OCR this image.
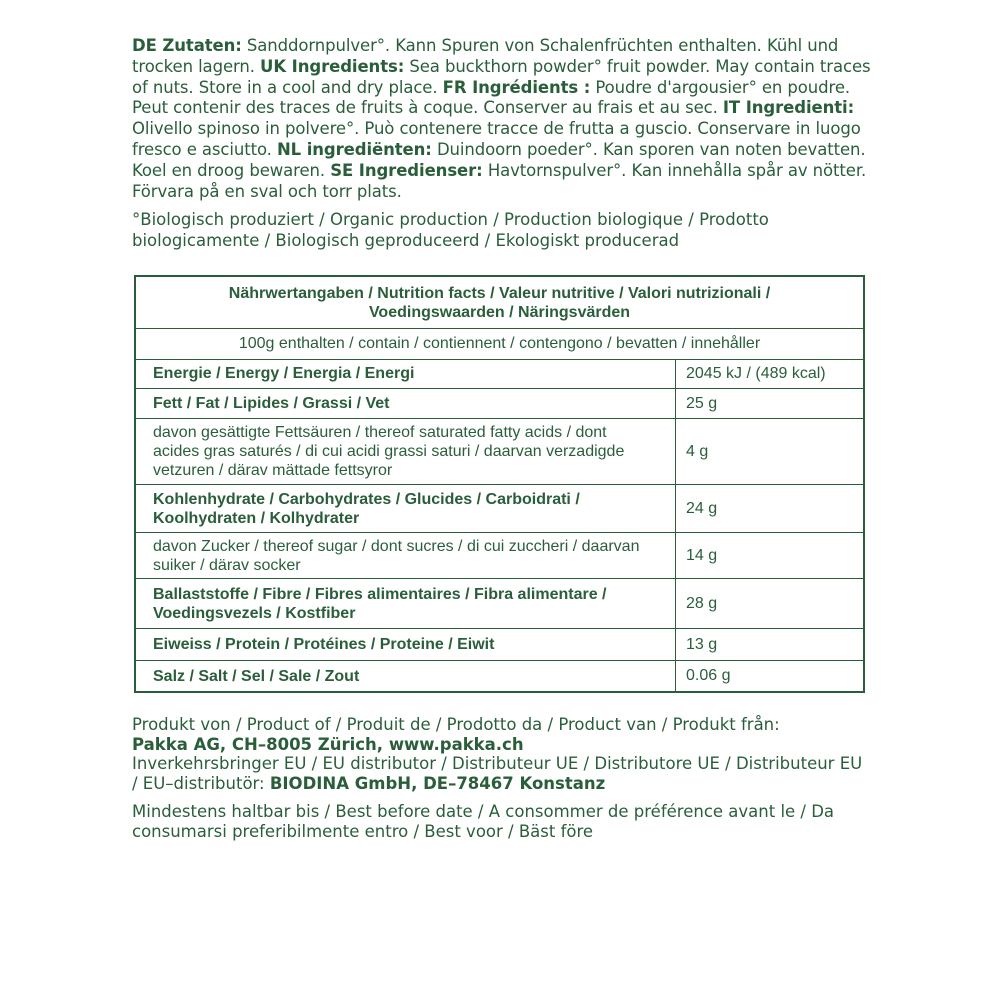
DE Zutaten: Sanddornpulver°. Kann Spuren von Schalenfrüchten enthalten. Kühl und trocken lagern. UK Ingredients: Sea buckthorn powder° fruit powder. May contain traces of nuts. Store in a cool and dry place. FR Ingrédients : Poudre d'argousier° en poudre. Peut contenir des traces de fruits à coque. Conserver au frais et au sec. IT Ingredienti: Olivello spinoso in polvere°. Può contenere tracce de frutta a guscio. Conservare in luogo fresco e asciutto. NL ingrediënten: Duindoorn poeder°. Kan sporen van noten bevatten. Koel en droog bewaren. SE Ingredienser: Havtornspulver°. Kan innehålla spår av nötter. Förvara på en sval och torr plats.
°Biologisch produziert / Organic production / Production biologique / Prodotto biologicamente / Biologisch geproduceerd / Ekologiskt producerad
Nährwertangaben / Nutrition facts / Valeur nutritive / Valori nutrizionali / Voedingswaarden / Näringsvärden
100g enthalten / contain / contiennent / contengono / bevatten / innehåller
Energie / Energy / Energia / Energi	2045 kJ / (489 kcal)
Fett / Fat / Lipides / Grassi / Vet	25 g
davon gesättigte Fettsäuren / thereof saturated fatty acids / dont acides gras saturés / di cui acidi grassi saturi / daarvan verzadigde vetzuren / därav mättade fettsyror
4 g
Kohlenhydrate / Carbohydrates / Glucides / Carboidrati / Koolhydraten / Kolhydrater
24 g
davon Zucker / thereof sugar / dont sucres / di cui zuccheri / daarvan suiker / därav socker
14 g
Ballaststoffe / Fibre / Fibres alimentaires / Fibra alimentare / Voedingsvezels / Kostfiber
28 g
Eiweiss / Protein / Protéines / Proteine / Eiwit	13 g
Salz / Salt / Sel / Sale / Zout	0.06 g
Produkt von / Product of / Produit de / Prodotto da / Product van / Produkt från:
Pakka AG, CH–8005 Zürich, www.pakka.ch
Inverkehrsbringer EU / EU distributor / Distributeur UE / Distributore UE / Distributeur EU / EU–distributör: BIODINA GmbH, DE–78467 Konstanz
Mindestens haltbar bis / Best before date / A consommer de préférence avant le / Da consumarsi preferibilmente entro / Best voor / Bäst före
